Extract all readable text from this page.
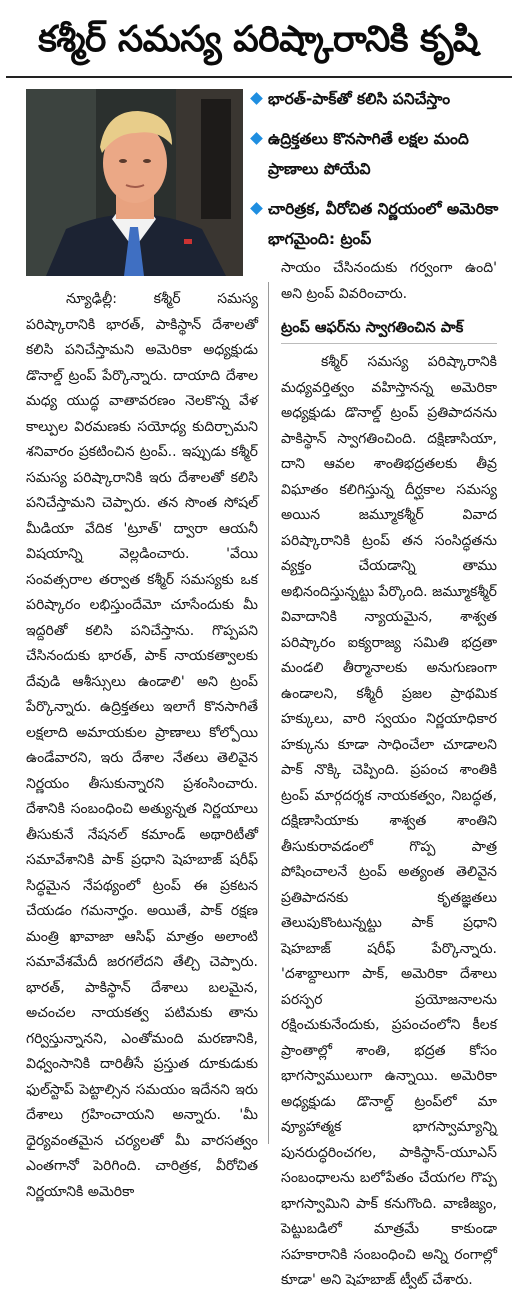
కశ్మీర్ సమస్య పరిష్కారానికి కృషి
భారత్-పాక్‌తో కలిసి పనిచేస్తాం
ఉద్రిక్తతలు కొనసాగితే లక్షల మంది ప్రాణాలు పోయేవి
చారిత్రక, వీరోచిత నిర్ణయంలో అమెరికా భాగమైంది: ట్రంప్

న్యూఢిల్లీ: కశ్మీర్ సమస్య పరిష్కారానికి భారత్, పాకిస్థాన్ దేశాలతో కలిసి పనిచేస్తామని అమెరికా అధ్యక్షుడు డొనాల్డ్ ట్రంప్ పేర్కొన్నారు. దాయాది దేశాల మధ్య యుద్ధ వాతావరణం నెలకొన్న వేళ కాల్పుల విరమణకు సయోధ్య కుదిర్చామని శనివారం ప్రకటించిన ట్రంప్.. ఇప్పుడు కశ్మీర్ సమస్య పరిష్కారానికి ఇరు దేశాలతో కలిసి పనిచేస్తామని చెప్పారు. తన సొంత సోషల్ మీడియా వేదిక 'ట్రూత్' ద్వారా ఆయనీ విషయాన్ని వెల్లడించారు. 'వేయి సంవత్సరాల తర్వాత కశ్మీర్ సమస్యకు ఒక పరిష్కారం లభిస్తుందేమో చూసేందుకు మీ ఇద్దరితో కలిసి పనిచేస్తాను. గొప్పపని చేసినందుకు భారత్, పాక్ నాయకత్వాలకు దేవుడి ఆశీస్సులు ఉండాలి' అని ట్రంప్ పేర్కొన్నారు. ఉద్రిక్తతలు ఇలాగే కొనసాగితే లక్షలాది అమాయకుల ప్రాణాలు కోల్పోయి ఉండేవారని, ఇరు దేశాల నేతలు తెలివైన నిర్ణయం తీసుకున్నారని ప్రశంసించారు. దేశానికి సంబంధించి అత్యున్నత నిర్ణయాలు తీసుకునే నేషనల్ కమాండ్ అథారిటీతో సమావేశానికి పాక్ ప్రధాని షెహబాజ్ షరీఫ్ సిద్ధమైన నేపథ్యంలో ట్రంప్ ఈ ప్రకటన చేయడం గమనార్హం. అయితే, పాక్ రక్షణ మంత్రి ఖావాజా ఆసిఫ్ మాత్రం అలాంటి సమావేశమేదీ జరగలేదని తేల్చి చెప్పారు. భారత్, పాకిస్థాన్ దేశాలు బలమైన, అచంచల నాయకత్వ పటిమకు తాను గర్విస్తున్నానని, ఎంతోమంది మరణానికి, విధ్వంసానికి దారితీసే ప్రస్తుత దూకుడుకు ఫుల్‌స్టాప్ పెట్టాల్సిన సమయం ఇదేనని ఇరు దేశాలు గ్రహించాయని అన్నారు. 'మీ ధైర్యవంతమైన చర్యలతో మీ వారసత్వం ఎంతగానో పెరిగింది. చారిత్రక, వీరోచిత నిర్ణయానికి అమెరికా

సాయం చేసినందుకు గర్వంగా ఉంది' అని ట్రంప్ వివరించారు.

ట్రంప్ ఆఫర్‌ను స్వాగతించిన పాక్

కశ్మీర్ సమస్య పరిష్కారానికి మధ్యవర్తిత్వం వహిస్తానన్న అమెరికా అధ్యక్షుడు డొనాల్డ్ ట్రంప్ ప్రతిపాదనను పాకిస్థాన్ స్వాగతించింది. దక్షిణాసియా, దాని ఆవల శాంతిభద్రతలకు తీవ్ర విఘాతం కలిగిస్తున్న దీర్ఘకాల సమస్య అయిన జమ్మూకశ్మీర్ వివాద పరిష్కారానికి ట్రంప్ తన సంసిద్ధతను వ్యక్తం చేయడాన్ని తాము అభినందిస్తున్నట్టు పేర్కొంది. జమ్మూకశ్మీర్ వివాదానికి న్యాయమైన, శాశ్వత పరిష్కారం ఐక్యరాజ్య సమితి భద్రతా మండలి తీర్మానాలకు అనుగుణంగా ఉండాలని, కశ్మీరీ ప్రజల ప్రాథమిక హక్కులు, వారి స్వయం నిర్ణయాధికార హక్కును కూడా సాధించేలా చూడాలని పాక్ నొక్కి చెప్పింది. ప్రపంచ శాంతికి ట్రంప్ మార్గదర్శక నాయకత్వం, నిబద్ధత, దక్షిణాసియాకు శాశ్వత శాంతిని తీసుకురావడంలో గొప్ప పాత్ర పోషించాలనే ట్రంప్ అత్యంత తెలివైన ప్రతిపాదనకు కృతజ్ఞతలు తెలుపుకొంటున్నట్టు పాక్ ప్రధాని షెహబాజ్ షరీఫ్ పేర్కొన్నారు. 'దశాబ్దాలుగా పాక్, అమెరికా దేశాలు పరస్పర ప్రయోజనాలను రక్షించుకునేందుకు, ప్రపంచంలోని కీలక ప్రాంతాల్లో శాంతి, భద్రత కోసం భాగస్వాములుగా ఉన్నాయి. అమెరికా అధ్యక్షుడు డొనాల్డ్ ట్రంప్‌లో మా వ్యూహాత్మక భాగస్వామ్యాన్ని పునరుద్ధరించగల, పాకిస్థాన్-యూఎస్ సంబంధాలను బలోపేతం చేయగల గొప్ప భాగస్వామిని పాక్ కనుగొంది. వాణిజ్యం, పెట్టుబడిలో మాత్రమే కాకుండా సహకారానికి సంబంధించి అన్ని రంగాల్లో కూడా' అని షెహబాజ్ ట్వీట్ చేశారు.
